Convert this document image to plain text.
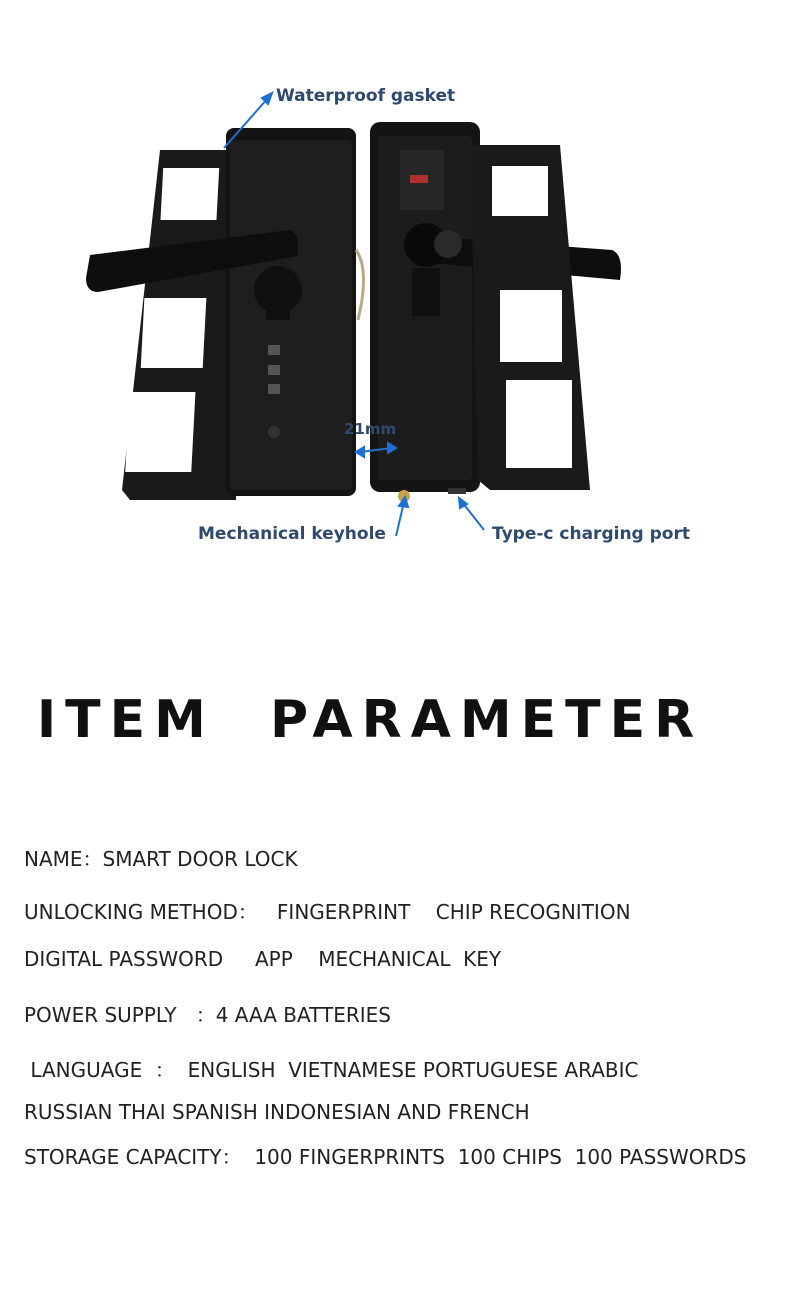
Waterproof gasket
21mm
Mechanical keyhole	Type-c charging port
ITEM PARAMETER
NAME：SMART DOOR LOCK
UNLOCKING METHOD：   FINGERPRINT    CHIP RECOGNITION
DIGITAL PASSWORD     APP    MECHANICAL  KEY
POWER SUPPLY   ：4 AAA BATTERIES
LANGUAGE  ：  ENGLISH  VIETNAMESE PORTUGUESE ARABIC
RUSSIAN THAI SPANISH INDONESIAN AND FRENCH
STORAGE CAPACITY：  100 FINGERPRINTS  100 CHIPS  100 PASSWORDS
